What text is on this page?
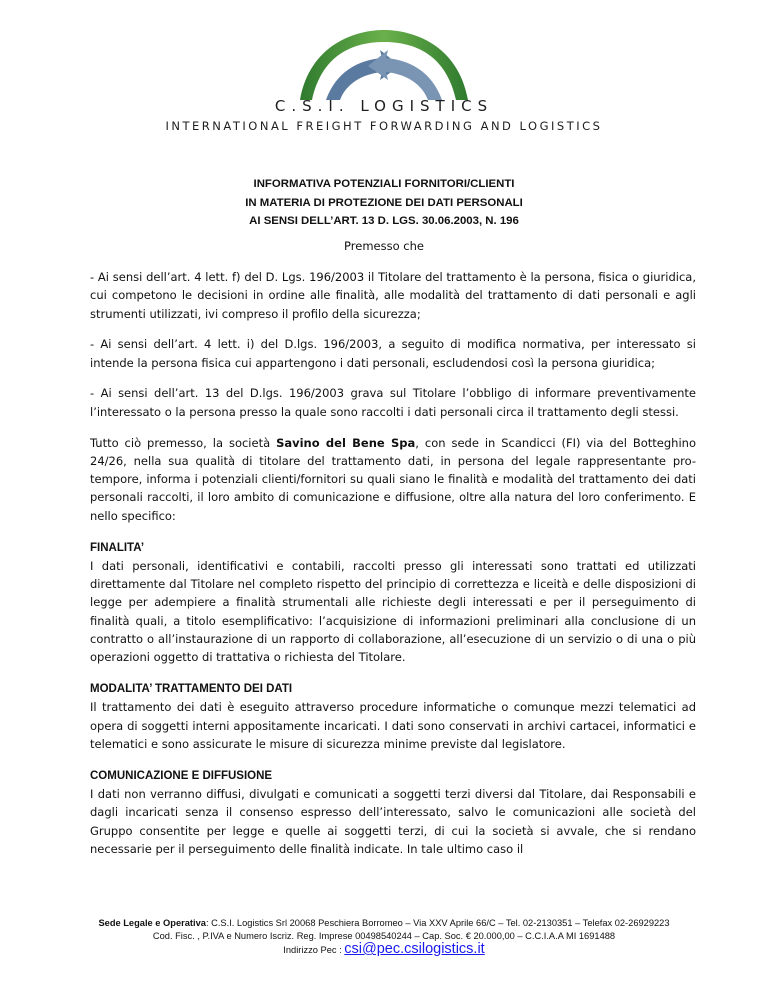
C.S.I. LOGISTICS
INTERNATIONAL FREIGHT FORWARDING AND LOGISTICS
INFORMATIVA POTENZIALI FORNITORI/CLIENTI
IN MATERIA DI PROTEZIONE DEI DATI PERSONALI
AI SENSI DELL’ART. 13 D. LGS. 30.06.2003, N. 196
Premesso che

- Ai sensi dell’art. 4 lett. f) del D. Lgs. 196/2003 il Titolare del trattamento è la persona, fisica o giuridica, cui competono le decisioni in ordine alle finalità, alle modalità del trattamento di dati personali e agli strumenti utilizzati, ivi compreso il profilo della sicurezza;

- Ai sensi dell’art. 4 lett. i) del D.lgs. 196/2003, a seguito di modifica normativa, per interessato si intende la persona fisica cui appartengono i dati personali, escludendosi così la persona giuridica;

- Ai sensi dell’art. 13 del D.lgs. 196/2003 grava sul Titolare l’obbligo di informare preventivamente l’interessato o la persona presso la quale sono raccolti i dati personali circa il trattamento degli stessi.

Tutto ciò premesso, la società Savino del Bene Spa, con sede in Scandicci (FI) via del Botteghino 24/26, nella sua qualità di titolare del trattamento dati, in persona del legale rappresentante pro-tempore, informa i potenziali clienti/fornitori su quali siano le finalità e modalità del trattamento dei dati personali raccolti, il loro ambito di comunicazione e diffusione, oltre alla natura del loro conferimento. E nello specifico:

FINALITA’
I dati personali, identificativi e contabili, raccolti presso gli interessati sono trattati ed utilizzati direttamente dal Titolare nel completo rispetto del principio di correttezza e liceità e delle disposizioni di legge per adempiere a finalità strumentali alle richieste degli interessati e per il perseguimento di finalità quali, a titolo esemplificativo: l’acquisizione di informazioni preliminari alla conclusione di un contratto o all’instaurazione di un rapporto di collaborazione, all’esecuzione di un servizio o di una o più operazioni oggetto di trattativa o richiesta del Titolare.

MODALITA’ TRATTAMENTO DEI DATI
Il trattamento dei dati è eseguito attraverso procedure informatiche o comunque mezzi telematici ad opera di soggetti interni appositamente incaricati. I dati sono conservati in archivi cartacei, informatici e telematici e sono assicurate le misure di sicurezza minime previste dal legislatore.

COMUNICAZIONE E DIFFUSIONE
I dati non verranno diffusi, divulgati e comunicati a soggetti terzi diversi dal Titolare, dai Responsabili e dagli incaricati senza il consenso espresso dell’interessato, salvo le comunicazioni alle società del Gruppo consentite per legge e quelle ai soggetti terzi, di cui la società si avvale, che si rendano necessarie per il perseguimento delle finalità indicate. In tale ultimo caso il

Sede Legale e Operativa: C.S.I. Logistics Srl 20068 Peschiera Borromeo – Via XXV Aprile 66/C – Tel. 02-2130351 – Telefax 02-26929223
Cod. Fisc. , P.IVA e Numero Iscriz. Reg. Imprese 00498540244 – Cap. Soc. € 20.000,00 – C.C.I.A.A MI 1691488
Indirizzo Pec : csi@pec.csilogistics.it
